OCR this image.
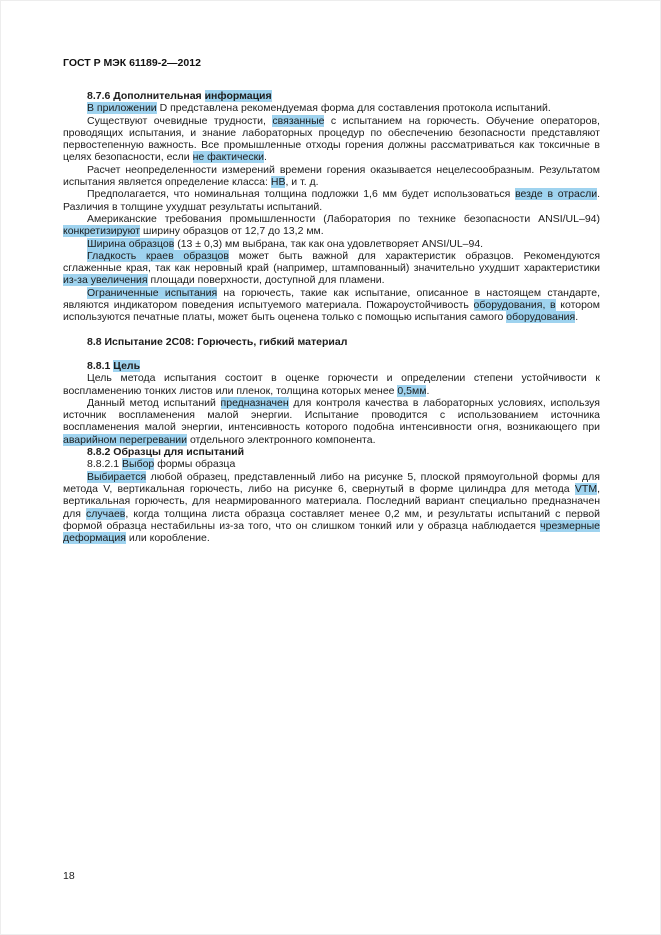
ГОСТ Р МЭК 61189-2—2012

8.7.6 Дополнительная информация

В приложении D представлена рекомендуемая форма для составления протокола испытаний.

Существуют очевидные трудности, связанные с испытанием на горючесть. Обучение операторов, проводящих испытания, и знание лабораторных процедур по обеспечению безопасности представляют первостепенную важность. Все промышленные отходы горения должны рассматриваться как токсичные в целях безопасности, если не фактически.

Расчет неопределенности измерений времени горения оказывается нецелесообразным. Результатом испытания является определение класса: НВ, и т. д.

Предполагается, что номинальная толщина подложки 1,6 мм будет использоваться везде в отрасли. Различия в толщине ухудшат результаты испытаний.

Американские требования промышленности (Лаборатория по технике безопасности ANSI/UL–94) конкретизируют ширину образцов от 12,7 до 13,2 мм.

Ширина образцов (13 ± 0,3) мм выбрана, так как она удовлетворяет ANSI/UL–94.

Гладкость краев образцов может быть важной для характеристик образцов. Рекомендуются сглаженные края, так как неровный край (например, штампованный) значительно ухудшит характеристики из-за увеличения площади поверхности, доступной для пламени.

Ограниченные испытания на горючесть, такие как испытание, описанное в настоящем стандарте, являются индикатором поведения испытуемого материала. Пожароустойчивость оборудования, в котором используются печатные платы, может быть оценена только с помощью испытания самого оборудования.

8.8 Испытание 2С08: Горючесть, гибкий материал

8.8.1 Цель

Цель метода испытания состоит в оценке горючести и определении степени устойчивости к воспламенению тонких листов или пленок, толщина которых менее 0,5мм.

Данный метод испытаний предназначен для контроля качества в лабораторных условиях, используя источник воспламенения малой энергии. Испытание проводится с использованием источника воспламенения малой энергии, интенсивность которого подобна интенсивности огня, возникающего при аварийном перегревании отдельного электронного компонента.

8.8.2 Образцы для испытаний

8.8.2.1 Выбор формы образца

Выбирается любой образец, представленный либо на рисунке 5, плоской прямоугольной формы для метода V, вертикальная горючесть, либо на рисунке 6, свернутый в форме цилиндра для метода VTM, вертикальная горючесть, для неармированного материала. Последний вариант специально предназначен для случаев, когда толщина листа образца составляет менее 0,2 мм, и результаты испытаний с первой формой образца нестабильны из-за того, что он слишком тонкий или у образца наблюдается чрезмерные деформация или коробление.

18
